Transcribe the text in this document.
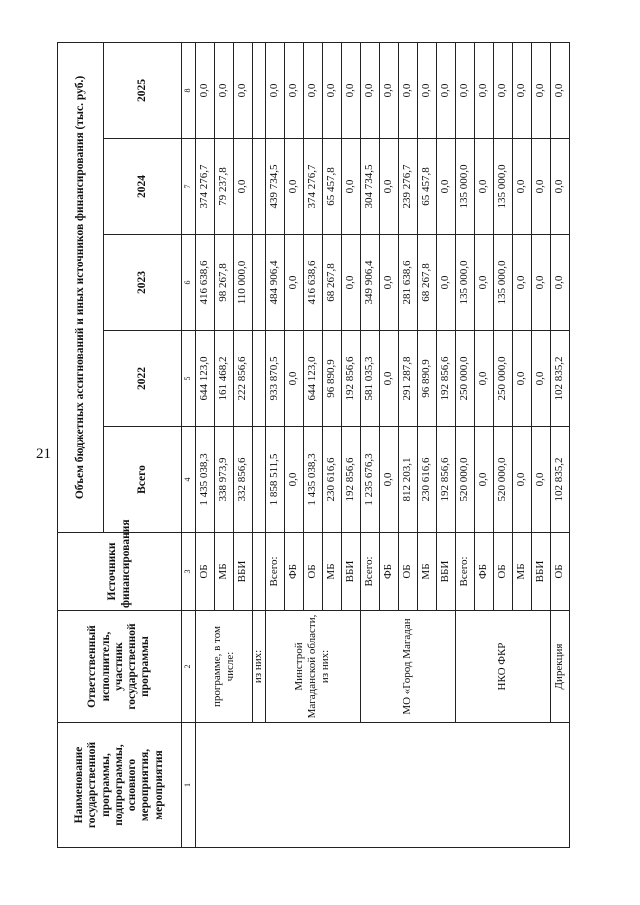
21
Наименование государственной программы, подпрограммы, основного мероприятия, мероприятия	Ответственный исполнитель, участник государственной программы	Источники финансирования	Объем бюджетных ассигнований и иных источников финансирования (тыс. руб.)				
			Всего	2022	2023	2024	2025
1	2	3	4	5	6	7	8
	программе, в том числе:	ОБ	1 435 038,3	644 123,0	416 638,6	374 276,7	0,0
		МБ	338 973,9	161 468,2	98 267,8	79 237,8	0,0
		ВБИ	332 856,6	222 856,6	110 000,0	0,0	0,0
	из них:						
	Минстрой Магаданской области, из них:	Всего:	1 858 511,5	933 870,5	484 906,4	439 734,5	0,0
		ФБ	0,0	0,0	0,0	0,0	0,0
		ОБ	1 435 038,3	644 123,0	416 638,6	374 276,7	0,0
		МБ	230 616,6	96 890,9	68 267,8	65 457,8	0,0
		ВБИ	192 856,6	192 856,6	0,0	0,0	0,0
	МО «Город Магадан	Всего:	1 235 676,3	581 035,3	349 906,4	304 734,5	0,0
		ФБ	0,0	0,0	0,0	0,0	0,0
		ОБ	812 203,1	291 287,8	281 638,6	239 276,7	0,0
		МБ	230 616,6	96 890,9	68 267,8	65 457,8	0,0
		ВБИ	192 856,6	192 856,6	0,0	0,0	0,0
	НКО ФКР	Всего:	520 000,0	250 000,0	135 000,0	135 000,0	0,0
		ФБ	0,0	0,0	0,0	0,0	0,0
		ОБ	520 000,0	250 000,0	135 000,0	135 000,0	0,0
		МБ	0,0	0,0	0,0	0,0	0,0
		ВБИ	0,0	0,0	0,0	0,0	0,0
	Дирекция	ОБ	102 835,2	102 835,2	0,0	0,0	0,0
